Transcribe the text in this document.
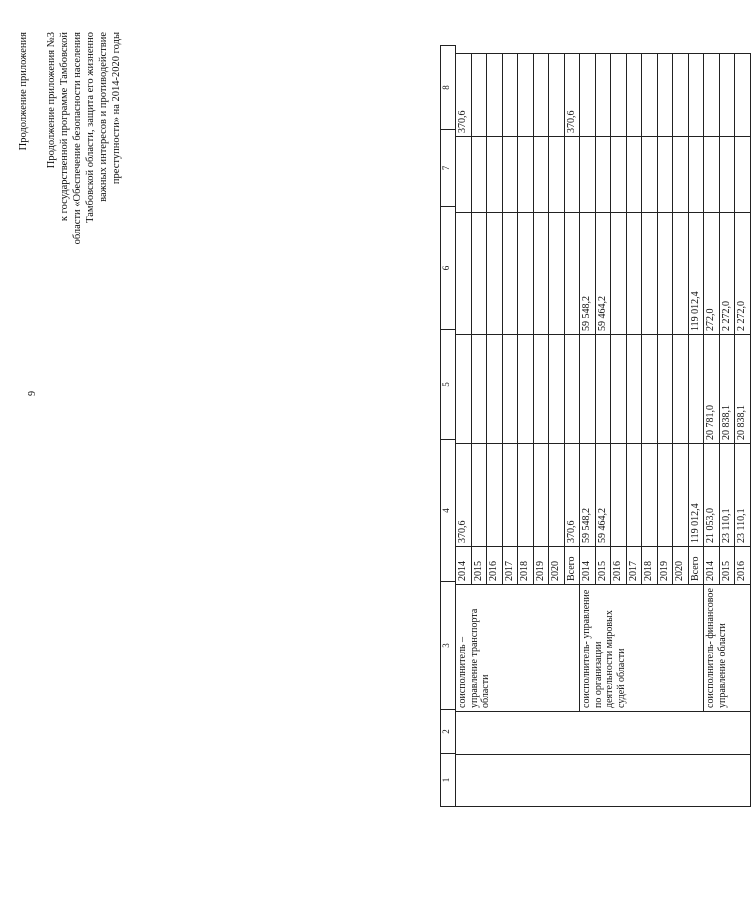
9
Продолжение приложения Продолжение приложения №3 к государственной программе Тамбовской области «Обеспечение безопасности населения Тамбовской области, защита его жизненно важных интересов и противодействие преступности» на 2014-2020 годы
1	2	3	4	5	6	7	8
		соисполнитель – управление транспорта области	2014	370,6				370,6
			2015					
			2016					
			2017					
			2018					
			2019					
			2020					
			Всего	370,6				370,6
		соисполнитель- управление по организации деятельности мировых судей области	2014	59 548,2		59 548,2		
			2015	59 464,2		59 464,2		
			2016					
			2017					
			2018					
			2019					
			2020					
			Всего	119 012,4		119 012,4		
		соисполнитель- финансовое управление области	2014	21 053,0	20 781,0	272,0		
			2015	23 110,1	20 838,1	2 272,0		
			2016	23 110,1	20 838,1	2 272,0		
